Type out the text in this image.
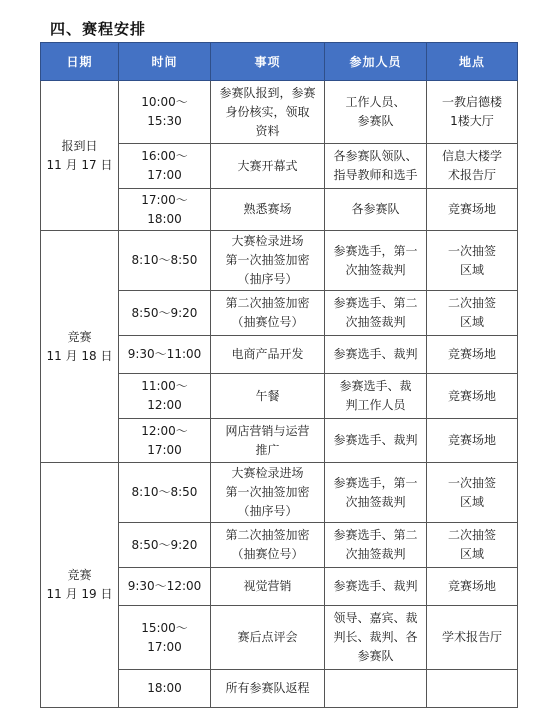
四、赛程安排
日期	时间	事项	参加人员	地点
报到日
11 月 17 日	10:00～15:30	参赛队报到，参赛
身份核实，领取
资料	工作人员、
参赛队	一教启德楼
1楼大厅
	16:00～17:00	大赛开幕式	各参赛队领队、
指导教师和选手	信息大楼学
术报告厅
	17:00～18:00	熟悉赛场	各参赛队	竞赛场地
竞赛
11 月 18 日	8:10～8:50	大赛检录进场
第一次抽签加密
（抽序号）	参赛选手，第一
次抽签裁判	一次抽签
区域
	8:50～9:20	第二次抽签加密
（抽赛位号）	参赛选手、第二
次抽签裁判	二次抽签
区域
	9:30～11:00	电商产品开发	参赛选手、裁判	竞赛场地
	11:00～12:00	午餐	参赛选手、裁
判工作人员	竞赛场地
	12:00～17:00	网店营销与运营
推广	参赛选手、裁判	竞赛场地
竞赛
11 月 19 日	8:10～8:50	大赛检录进场
第一次抽签加密
（抽序号）	参赛选手，第一
次抽签裁判	一次抽签
区域
	8:50～9:20	第二次抽签加密
（抽赛位号）	参赛选手、第二
次抽签裁判	二次抽签
区域
	9:30～12:00	视觉营销	参赛选手、裁判	竞赛场地
	15:00～17:00	赛后点评会	领导、嘉宾、裁
判长、裁判、各
参赛队	学术报告厅
	18:00	所有参赛队返程		
